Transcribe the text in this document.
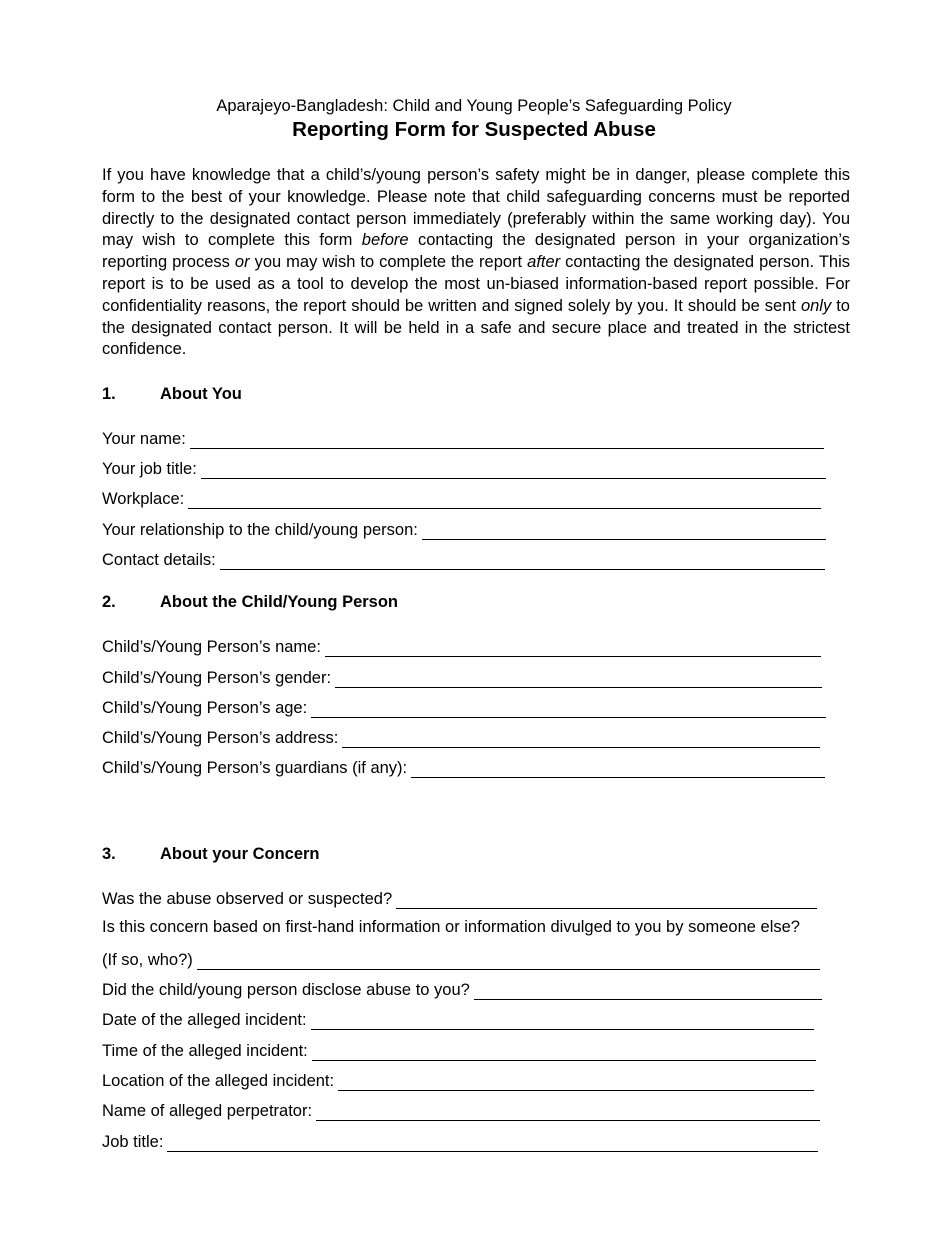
Aparajeyo-Bangladesh: Child and Young People’s Safeguarding Policy
Reporting Form for Suspected Abuse

If you have knowledge that a child’s/young person’s safety might be in danger, please complete this form to the best of your knowledge. Please note that child safeguarding concerns must be reported directly to the designated contact person immediately (preferably within the same working day). You may wish to complete this form before contacting the designated person in your organization’s reporting process or you may wish to complete the report after contacting the designated person. This report is to be used as a tool to develop the most un-biased information-based report possible. For confidentiality reasons, the report should be written and signed solely by you. It should be sent only to the designated contact person. It will be held in a safe and secure place and treated in the strictest confidence.

1.	About You
Your name:
Your job title:
Workplace:
Your relationship to the child/young person:
Contact details:
2.	About the Child/Young Person
Child’s/Young Person’s name:
Child’s/Young Person’s gender:
Child’s/Young Person’s age:
Child’s/Young Person’s address:
Child’s/Young Person’s guardians (if any):
3.	About your Concern
Was the abuse observed or suspected?
Is this concern based on first-hand information or information divulged to you by someone else?
(If so, who?)
Did the child/young person disclose abuse to you?
Date of the alleged incident:
Time of the alleged incident:
Location of the alleged incident:
Name of alleged perpetrator:
Job title:
